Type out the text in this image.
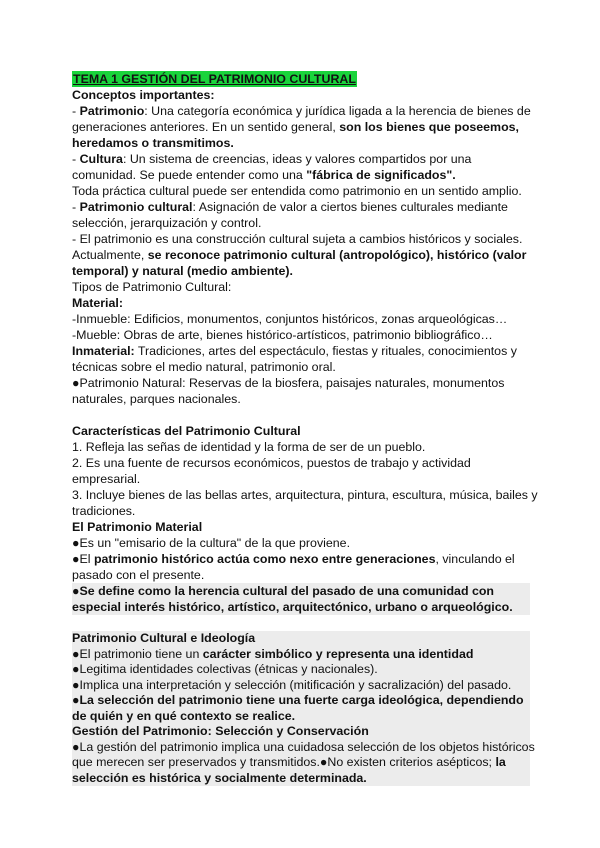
TEMA 1 GESTIÓN DEL PATRIMONIO CULTURAL
Conceptos importantes:
- Patrimonio: Una categoría económica y jurídica ligada a la herencia de bienes de
generaciones anteriores. En un sentido general, son los bienes que poseemos,
heredamos o transmitimos.
- Cultura: Un sistema de creencias, ideas y valores compartidos por una
comunidad. Se puede entender como una "fábrica de significados".
Toda práctica cultural puede ser entendida como patrimonio en un sentido amplio.
- Patrimonio cultural: Asignación de valor a ciertos bienes culturales mediante
selección, jerarquización y control.
- El patrimonio es una construcción cultural sujeta a cambios históricos y sociales.
Actualmente, se reconoce patrimonio cultural (antropológico), histórico (valor
temporal) y natural (medio ambiente).
Tipos de Patrimonio Cultural:
Material:
-Inmueble: Edificios, monumentos, conjuntos históricos, zonas arqueológicas…
-Mueble: Obras de arte, bienes histórico-artísticos, patrimonio bibliográfico…
Inmaterial: Tradiciones, artes del espectáculo, fiestas y rituales, conocimientos y
técnicas sobre el medio natural, patrimonio oral.
●Patrimonio Natural: Reservas de la biosfera, paisajes naturales, monumentos
naturales, parques nacionales.
Características del Patrimonio Cultural
1. Refleja las señas de identidad y la forma de ser de un pueblo.
2. Es una fuente de recursos económicos, puestos de trabajo y actividad
empresarial.
3. Incluye bienes de las bellas artes, arquitectura, pintura, escultura, música, bailes y
tradiciones.
El Patrimonio Material
●Es un "emisario de la cultura" de la que proviene.
●El patrimonio histórico actúa como nexo entre generaciones, vinculando el
pasado con el presente.
●Se define como la herencia cultural del pasado de una comunidad con
especial interés histórico, artístico, arquitectónico, urbano o arqueológico.
Patrimonio Cultural e Ideología
●El patrimonio tiene un carácter simbólico y representa una identidad
●Legitima identidades colectivas (étnicas y nacionales).
●Implica una interpretación y selección (mitificación y sacralización) del pasado.
●La selección del patrimonio tiene una fuerte carga ideológica, dependiendo
de quién y en qué contexto se realice.
Gestión del Patrimonio: Selección y Conservación
●La gestión del patrimonio implica una cuidadosa selección de los objetos históricos
que merecen ser preservados y transmitidos.●No existen criterios asépticos; la
selección es histórica y socialmente determinada.
